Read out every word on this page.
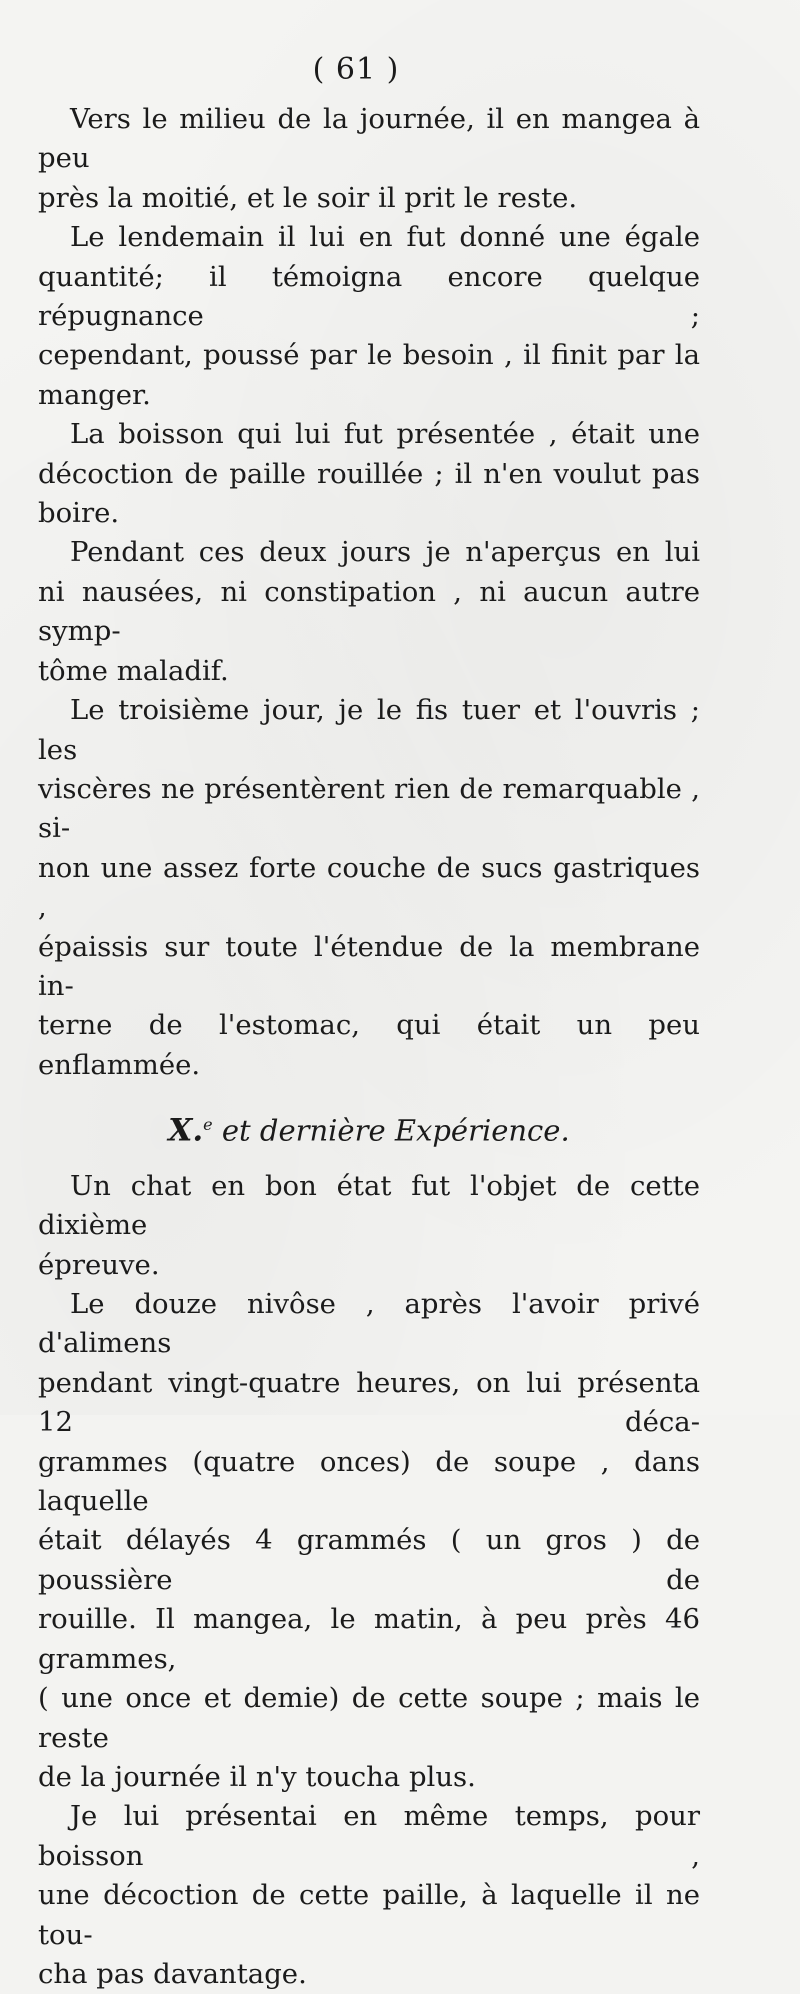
( 61 )

Vers le milieu de la journée, il en mangea à peu
près la moitié, et le soir il prit le reste.

Le lendemain il lui en fut donné une égale
quantité; il témoigna encore quelque répugnance ;
cependant, poussé par le besoin , il finit par la
manger.

La boisson qui lui fut présentée , était une
décoction de paille rouillée ; il n'en voulut pas
boire.

Pendant ces deux jours je n'aperçus en lui
ni nausées, ni constipation , ni aucun autre symp-
tôme maladif.

Le troisième jour, je le fis tuer et l'ouvris ; les
viscères ne présentèrent rien de remarquable , si-
non une assez forte couche de sucs gastriques ,
épaissis sur toute l'étendue de la membrane in-
terne de l'estomac, qui était un peu enflammée.

X.$^e$ et dernière Expérience.

Un chat en bon état fut l'objet de cette dixième
épreuve.

Le douze nivôse , après l'avoir privé d'alimens
pendant vingt-quatre heures, on lui présenta 12 déca-
grammes (quatre onces) de soupe , dans laquelle
était délayés 4 grammés ( un gros ) de poussière de
rouille. Il mangea, le matin, à peu près 46 grammes,
( une once et demie) de cette soupe ; mais le reste
de la journée il n'y toucha plus.

Je lui présentai en même temps, pour boisson ,
une décoction de cette paille, à laquelle il ne tou-
cha pas davantage.
